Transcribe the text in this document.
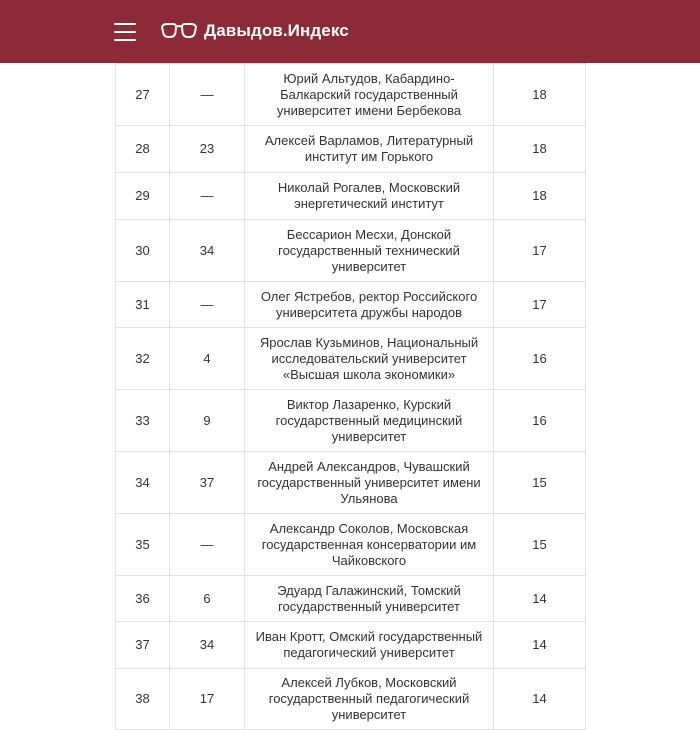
Давыдов.Индекс
27	—	Юрий Альтудов, Кабардино-Балкарский государственный университет имени Бербекова	18
28	23	Алексей Варламов, Литературный институт им Горького	18
29	—	Николай Рогалев, Московский энергетический институт	18
30	34	Бессарион Месхи, Донской государственный технический университет	17
31	—	Олег Ястребов, ректор Российского университета дружбы народов	17
32	4	Ярослав Кузьминов, Национальный исследовательский университет «Высшая школа экономики»	16
33	9	Виктор Лазаренко, Курский государственный медицинский университет	16
34	37	Андрей Александров, Чувашский государственный университет имени Ульянова	15
35	—	Александр Соколов, Московская государственная консерватории им Чайковского	15
36	6	Эдуард Галажинский, Томский государственный университет	14
37	34	Иван Кротт, Омский государственный педагогический университет	14
38	17	Алексей Лубков, Московский государственный педагогический университет	14
